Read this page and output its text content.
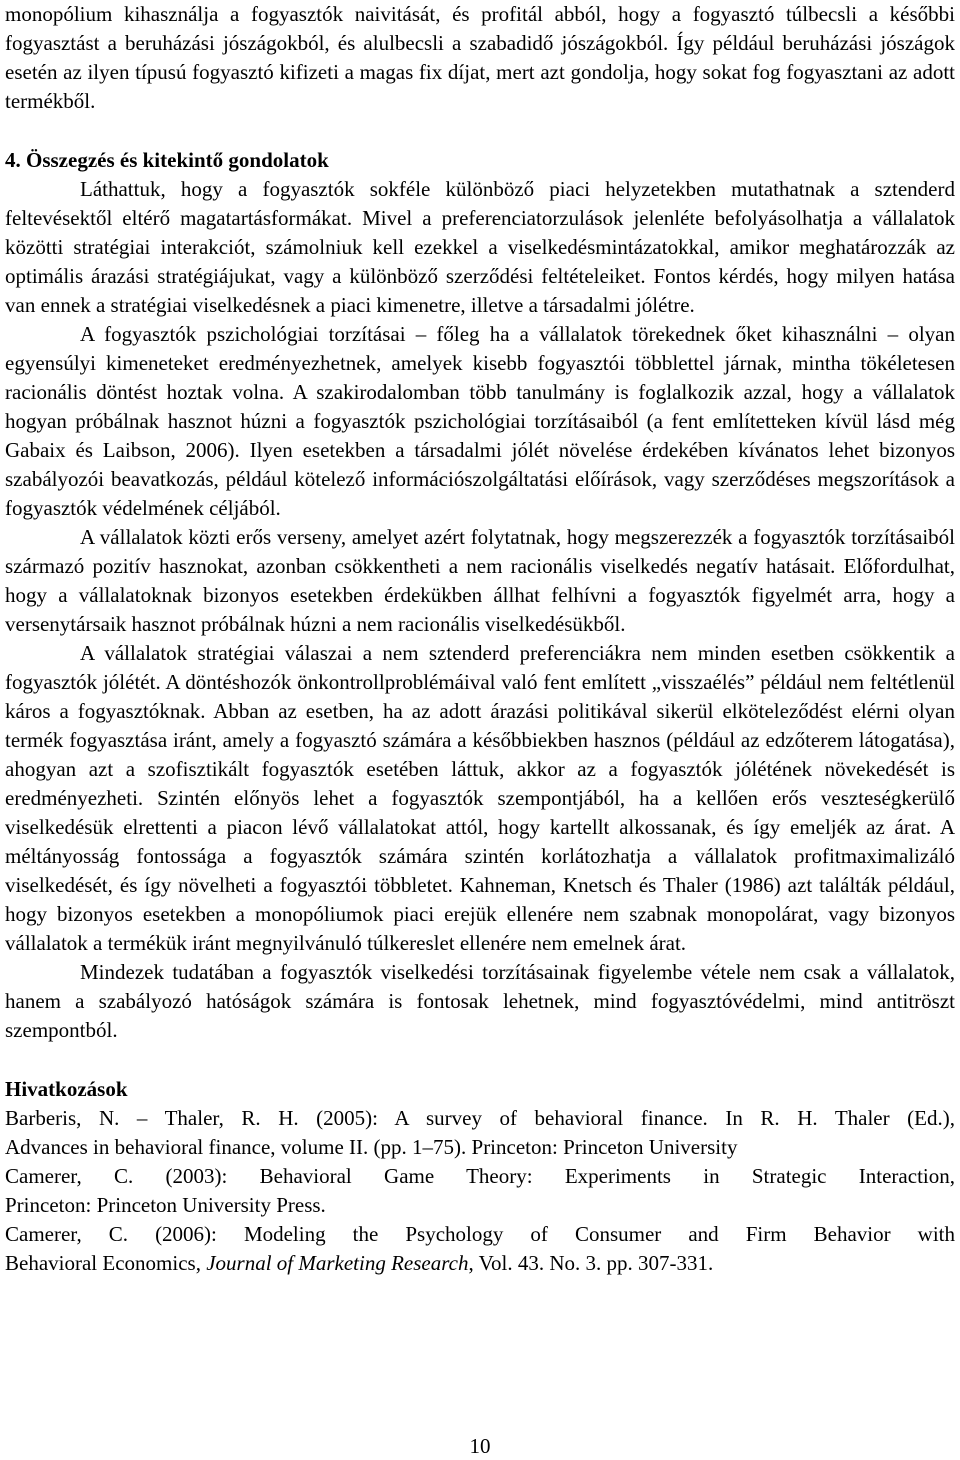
monopólium kihasználja a fogyasztók naivitását, és profitál abból, hogy a fogyasztó túlbecsli a későbbi fogyasztást a beruházási jószágokból, és alulbecsli a szabadidő jószágokból. Így például beruházási jószágok esetén az ilyen típusú fogyasztó kifizeti a magas fix díjat, mert azt gondolja, hogy sokat fog fogyasztani az adott termékből.

4. Összegzés és kitekintő gondolatok

Láthattuk, hogy a fogyasztók sokféle különböző piaci helyzetekben mutathatnak a sztenderd feltevésektől eltérő magatartásformákat. Mivel a preferenciatorzulások jelenléte befolyásolhatja a vállalatok közötti stratégiai interakciót, számolniuk kell ezekkel a viselkedésmintázatokkal, amikor meghatározzák az optimális árazási stratégiájukat, vagy a különböző szerződési feltételeiket. Fontos kérdés, hogy milyen hatása van ennek a stratégiai viselkedésnek a piaci kimenetre, illetve a társadalmi jólétre.

A fogyasztók pszichológiai torzításai – főleg ha a vállalatok törekednek őket kihasználni – olyan egyensúlyi kimeneteket eredményezhetnek, amelyek kisebb fogyasztói többlettel járnak, mintha tökéletesen racionális döntést hoztak volna. A szakirodalomban több tanulmány is foglalkozik azzal, hogy a vállalatok hogyan próbálnak hasznot húzni a fogyasztók pszichológiai torzításaiból (a fent említetteken kívül lásd még Gabaix és Laibson, 2006). Ilyen esetekben a társadalmi jólét növelése érdekében kívánatos lehet bizonyos szabályozói beavatkozás, például kötelező információszolgáltatási előírások, vagy szerződéses megszorítások a fogyasztók védelmének céljából.

A vállalatok közti erős verseny, amelyet azért folytatnak, hogy megszerezzék a fogyasztók torzításaiból származó pozitív hasznokat, azonban csökkentheti a nem racionális viselkedés negatív hatásait. Előfordulhat, hogy a vállalatoknak bizonyos esetekben érdekükben állhat felhívni a fogyasztók figyelmét arra, hogy a versenytársaik hasznot próbálnak húzni a nem racionális viselkedésükből.

A vállalatok stratégiai válaszai a nem sztenderd preferenciákra nem minden esetben csökkentik a fogyasztók jólétét. A döntéshozók önkontrollproblémáival való fent említett „visszaélés” például nem feltétlenül káros a fogyasztóknak. Abban az esetben, ha az adott árazási politikával sikerül elköteleződést elérni olyan termék fogyasztása iránt, amely a fogyasztó számára a későbbiekben hasznos (például az edzőterem látogatása), ahogyan azt a szofisztikált fogyasztók esetében láttuk, akkor az a fogyasztók jólétének növekedését is eredményezheti. Szintén előnyös lehet a fogyasztók szempontjából, ha a kellően erős veszteségkerülő viselkedésük elrettenti a piacon lévő vállalatokat attól, hogy kartellt alkossanak, és így emeljék az árat. A méltányosság fontossága a fogyasztók számára szintén korlátozhatja a vállalatok profitmaximalizáló viselkedését, és így növelheti a fogyasztói többletet. Kahneman, Knetsch és Thaler (1986) azt találták például, hogy bizonyos esetekben a monopóliumok piaci erejük ellenére nem szabnak monopolárat, vagy bizonyos vállalatok a termékük iránt megnyilvánuló túlkereslet ellenére nem emelnek árat.

Mindezek tudatában a fogyasztók viselkedési torzításainak figyelembe vétele nem csak a vállalatok, hanem a szabályozó hatóságok számára is fontosak lehetnek, mind fogyasztóvédelmi, mind antitröszt szempontból.

Hivatkozások
Barberis, N. – Thaler, R. H. (2005): A survey of behavioral finance. In R. H. Thaler (Ed.),
Advances in behavioral finance, volume II. (pp. 1–75). Princeton: Princeton University
Camerer, C. (2003): Behavioral Game Theory: Experiments in Strategic Interaction,
Princeton: Princeton University Press.
Camerer, C. (2006): Modeling the Psychology of Consumer and Firm Behavior with
Behavioral Economics, Journal of Marketing Research, Vol. 43. No. 3. pp. 307-331.
10
